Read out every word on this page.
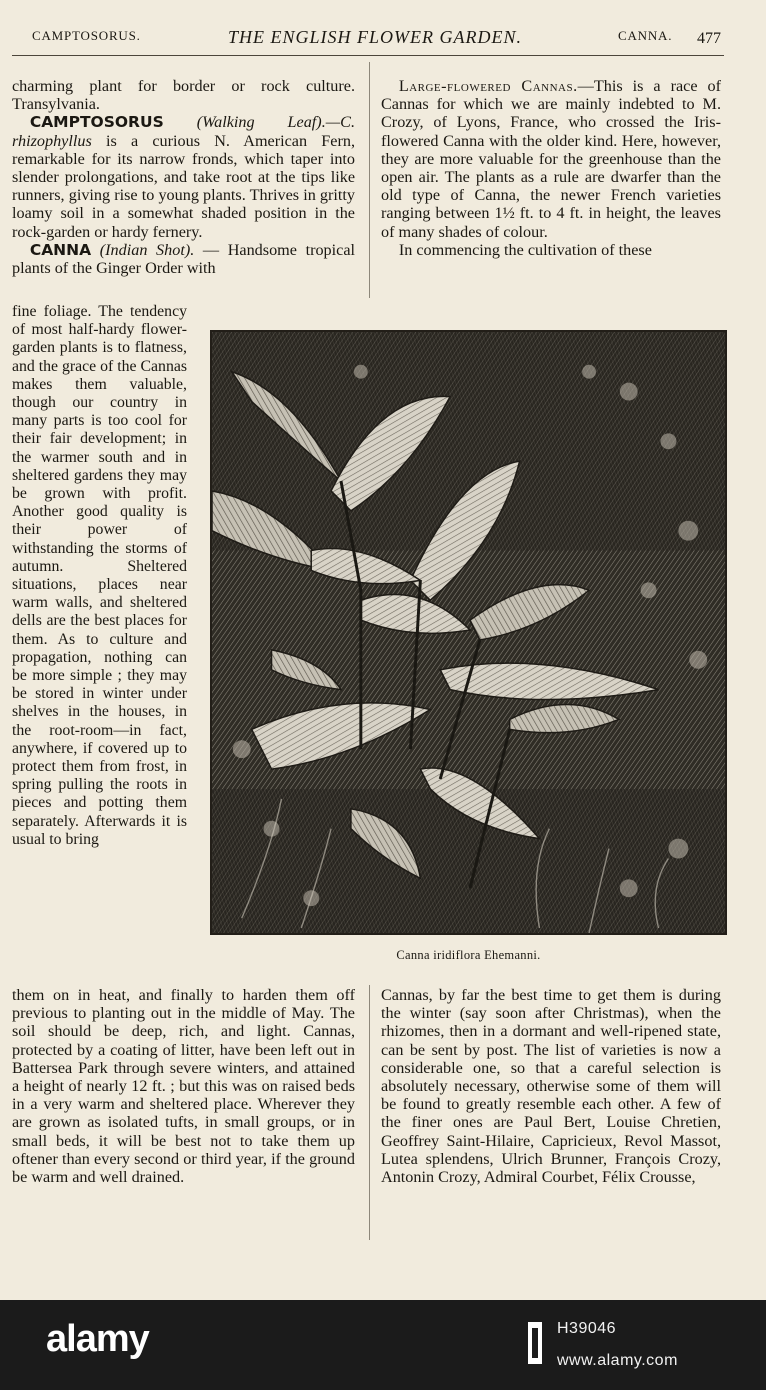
CAMPTOSORUS.	THE ENGLISH FLOWER GARDEN.	CANNA. 477

charming plant for border or rock culture. Transylvania.

CAMPTOSORUS (Walking Leaf).—C. rhizophyllus is a curious N. American Fern, remarkable for its narrow fronds, which taper into slender prolongations, and take root at the tips like runners, giving rise to young plants. Thrives in gritty loamy soil in a somewhat shaded position in the rock-garden or hardy fernery.

CANNA (Indian Shot). — Handsome tropical plants of the Ginger Order with

fine foliage. The tendency of most half-hardy flower-garden plants is to flatness, and the grace of the Cannas makes them valuable, though our country in many parts is too cool for their fair development; in the warmer south and in sheltered gardens they may be grown with profit. Another good quality is their power of withstanding the storms of autumn. Sheltered situations, places near warm walls, and sheltered dells are the best places for them. As to culture and propagation, nothing can be more simple ; they may be stored in winter under shelves in the houses, in the root-room—in fact, anywhere, if covered up to protect them from frost, in spring pulling the roots in pieces and potting them separately. Afterwards it is usual to bring

them on in heat, and finally to harden them off previous to planting out in the middle of May. The soil should be deep, rich, and light. Cannas, protected by a coating of litter, have been left out in Battersea Park through severe winters, and attained a height of nearly 12 ft. ; but this was on raised beds in a very warm and sheltered place. Wherever they are grown as isolated tufts, in small groups, or in small beds, it will be best not to take them up oftener than every second or third year, if the ground be warm and well drained.

Large-flowered Cannas.—This is a race of Cannas for which we are mainly indebted to M. Crozy, of Lyons, France, who crossed the Iris-flowered Canna with the older kind. Here, however, they are more valuable for the greenhouse than the open air. The plants as a rule are dwarfer than the old type of Canna, the newer French varieties ranging between 1½ ft. to 4 ft. in height, the leaves of many shades of colour.

In commencing the cultivation of these

Canna iridiflora Ehemanni.

Cannas, by far the best time to get them is during the winter (say soon after Christmas), when the rhizomes, then in a dormant and well-ripened state, can be sent by post. The list of varieties is now a considerable one, so that a careful selection is absolutely necessary, otherwise some of them will be found to greatly resemble each other. A few of the finer ones are Paul Bert, Louise Chretien, Geoffrey Saint-Hilaire, Capricieux, Revol Massot, Lutea splendens, Ulrich Brunner, François Crozy, Antonin Crozy, Admiral Courbet, Félix Crousse,

alamy	H39046
www.alamy.com
